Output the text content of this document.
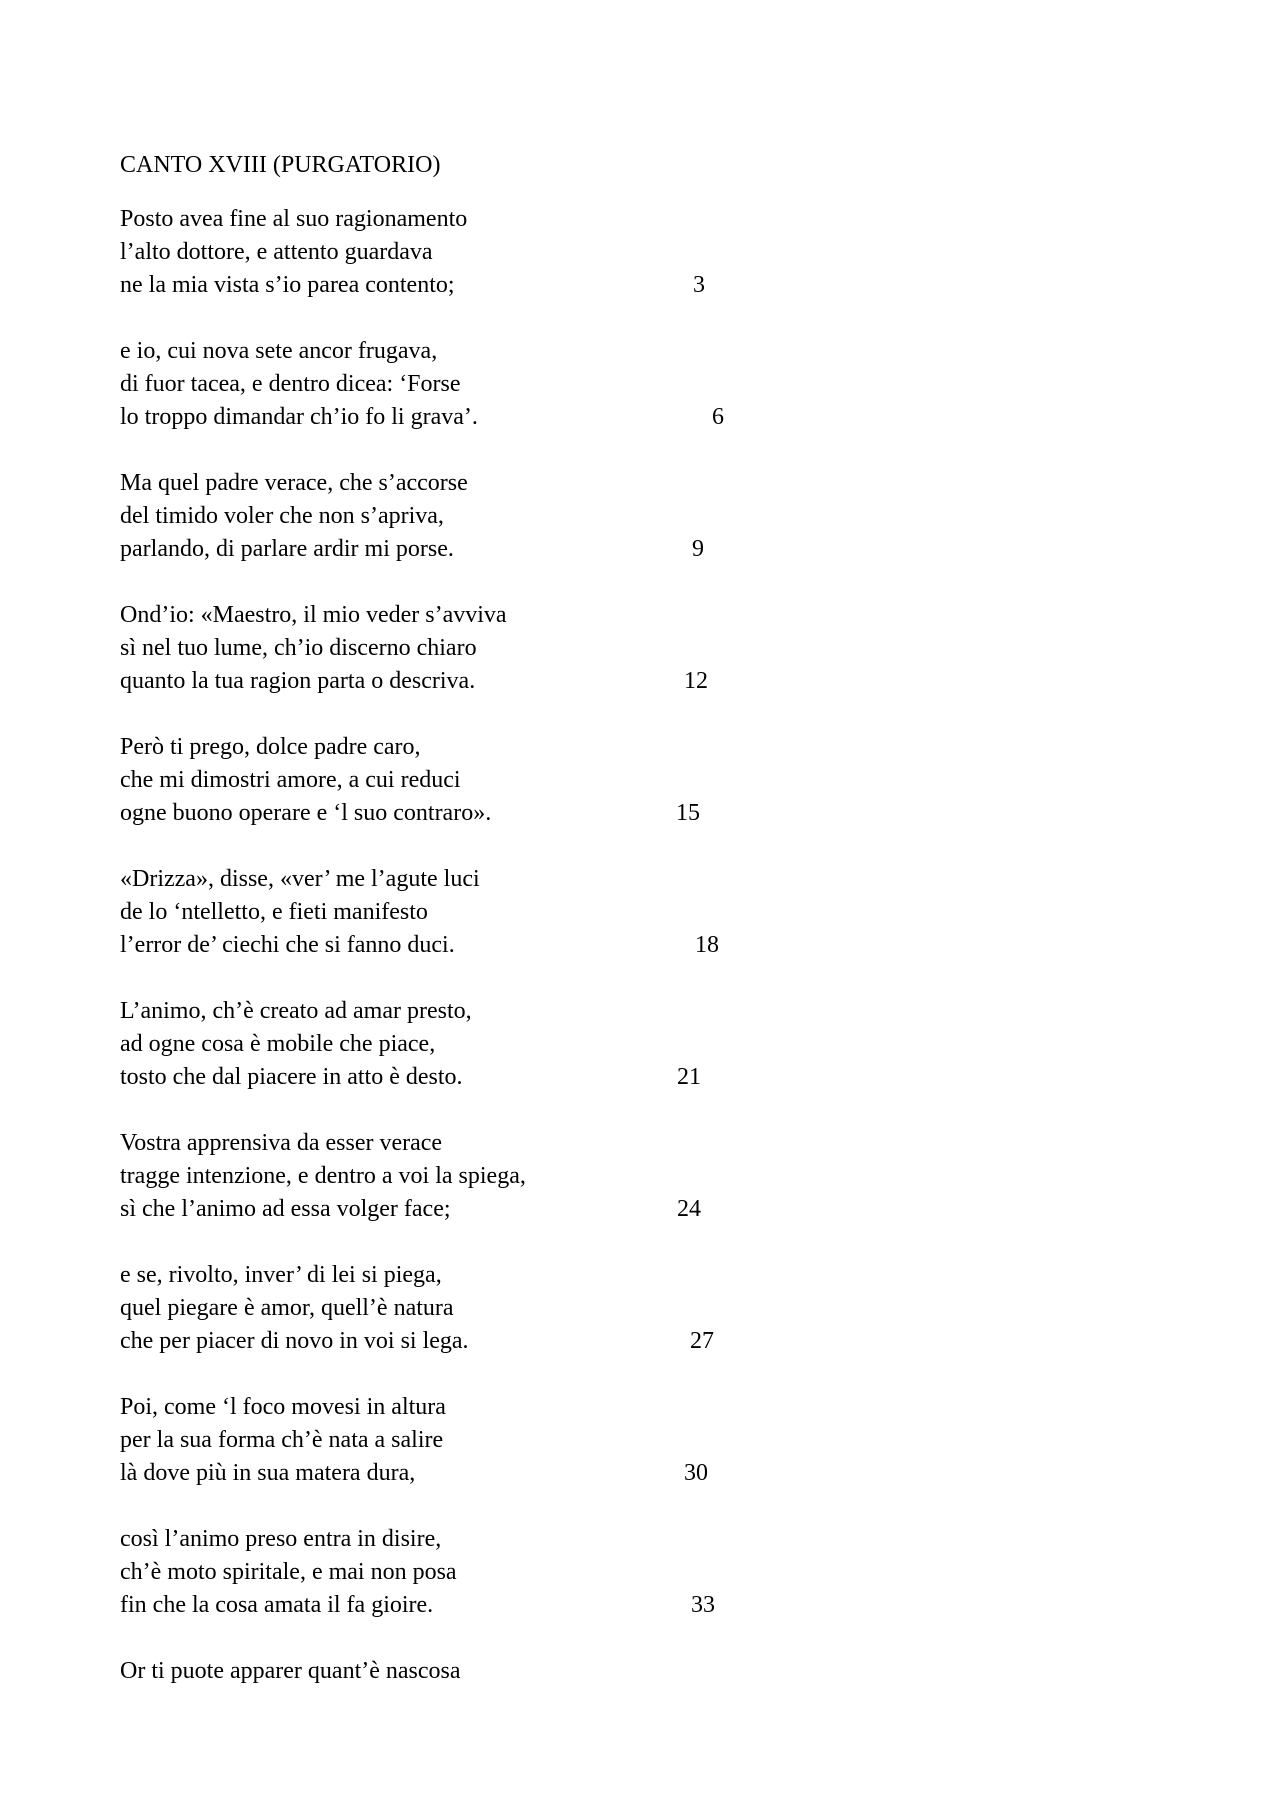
CANTO XVIII (PURGATORIO)
Posto avea fine al suo ragionamento
l’alto dottore, e attento guardava
ne la mia vista s’io parea contento;	3
e io, cui nova sete ancor frugava,
di fuor tacea, e dentro dicea: ‘Forse
lo troppo dimandar ch’io fo li grava’.	6
Ma quel padre verace, che s’accorse
del timido voler che non s’apriva,
parlando, di parlare ardir mi porse.	9
Ond’io: «Maestro, il mio veder s’avviva
sì nel tuo lume, ch’io discerno chiaro
quanto la tua ragion parta o descriva.	12
Però ti prego, dolce padre caro,
che mi dimostri amore, a cui reduci
ogne buono operare e ‘l suo contraro».	15
«Drizza», disse, «ver’ me l’agute luci
de lo ‘ntelletto, e fieti manifesto
l’error de’ ciechi che si fanno duci.	18
L’animo, ch’è creato ad amar presto,
ad ogne cosa è mobile che piace,
tosto che dal piacere in atto è desto.	21
Vostra apprensiva da esser verace
tragge intenzione, e dentro a voi la spiega,
sì che l’animo ad essa volger face;	24
e se, rivolto, inver’ di lei si piega,
quel piegare è amor, quell’è natura
che per piacer di novo in voi si lega.	27
Poi, come ‘l foco movesi in altura
per la sua forma ch’è nata a salire
là dove più in sua matera dura,	30
così l’animo preso entra in disire,
ch’è moto spiritale, e mai non posa
fin che la cosa amata il fa gioire.	33
Or ti puote apparer quant’è nascosa
